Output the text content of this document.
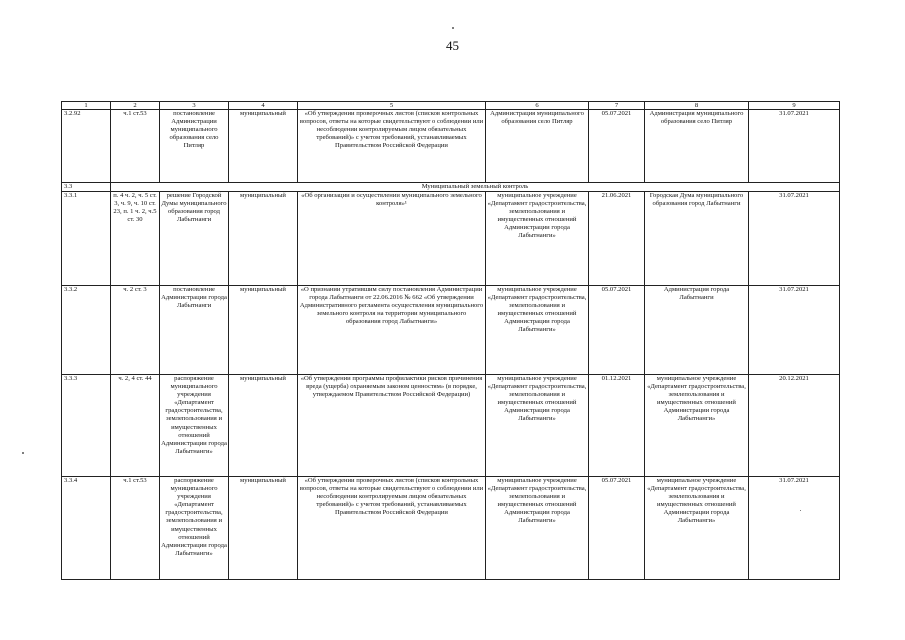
45
1	2	3	4	5	6	7	8	9
3.2.92	ч.1 ст.53	постановление Администрации муниципального образования село Питляр	муниципальный	«Об утверждении проверочных листов (списков контрольных вопросов, ответы на которые свидетельствуют о соблюдении или несоблюдении контролируемым лицом обязательных требований)» с учетом требований, устанавливаемых Правительством Российской Федерации	Администрация муниципального образования село Питляр	05.07.2021	Администрация муниципального образования село Питляр	31.07.2021
3.3	Муниципальный земельный контроль							
3.3.1	п. 4 ч. 2, ч. 5 ст. 3, ч. 9, ч. 10 ст. 23, п. 1 ч. 2, ч.5 ст. 30	решение Городской Думы муниципального образования город Лабытнанги	муниципальный	«Об организации и осуществлении муниципального земельного контроля»¹	муниципальное учреждение «Департамент градостроительства, землепользования и имущественных отношений Администрации города Лабытнанги»	21.06.2021	Городская Дума муниципального образования город Лабытнанги	31.07.2021
3.3.2	ч. 2 ст. 3	постановление Администрации города Лабытнанги	муниципальный	«О признании утратившим силу постановления Администрации города Лабытнанги от 22.06.2016 № 662 «Об утверждении Административного регламента осуществления муниципального земельного контроля на территории муниципального образования город Лабытнанги»	муниципальное учреждение «Департамент градостроительства, землепользования и имущественных отношений Администрации города Лабытнанги»	05.07.2021	Администрация города Лабытнанги	31.07.2021
3.3.3	ч. 2, 4 ст. 44	распоряжение муниципального учреждения «Департамент градостроительства, землепользования и имущественных отношений Администрации города Лабытнанги»	муниципальный	«Об утверждении программы профилактики рисков причинения вреда (ущерба) охраняемым законом ценностям» (в порядке, утверждаемом Правительством Российской Федерации)	муниципальное учреждение «Департамент градостроительства, землепользования и имущественных отношений Администрации города Лабытнанги»	01.12.2021	муниципальное учреждение «Департамент градостроительства, землепользования и имущественных отношений Администрации города Лабытнанги»	20.12.2021
3.3.4	ч.1 ст.53	распоряжение муниципального учреждения «Департамент градостроительства, землепользования и имущественных отношений Администрации города Лабытнанги»	муниципальный	«Об утверждении проверочных листов (списков контрольных вопросов, ответы на которые свидетельствуют о соблюдении или несоблюдении контролируемым лицом обязательных требований)» с учетом требований, устанавливаемых Правительством Российской Федерации	муниципальное учреждение «Департамент градостроительства, землепользования и имущественных отношений Администрации города Лабытнанги»	05.07.2021	муниципальное учреждение «Департамент градостроительства, землепользования и имущественных отношений Администрации города Лабытнанги»	31.07.2021
